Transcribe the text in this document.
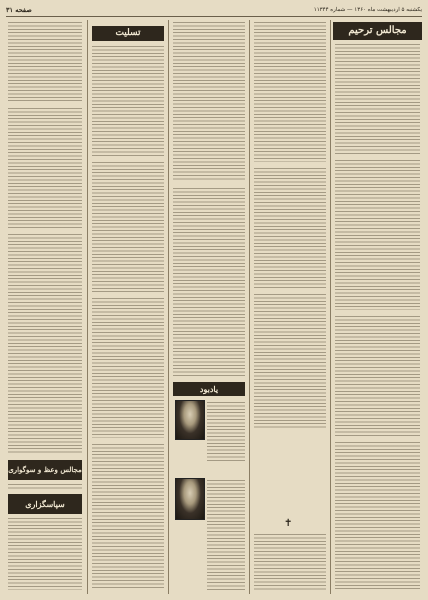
صفحه ۳۱	یکشنبه ۵ اردیبهشت ماه ۱۳۶۰ — شماره ۱۱۳۴۴
مجالس ترحیم
✝
یادبود
تسلیت
مجالس وعظ و سوگواری
سپاسگزاری
